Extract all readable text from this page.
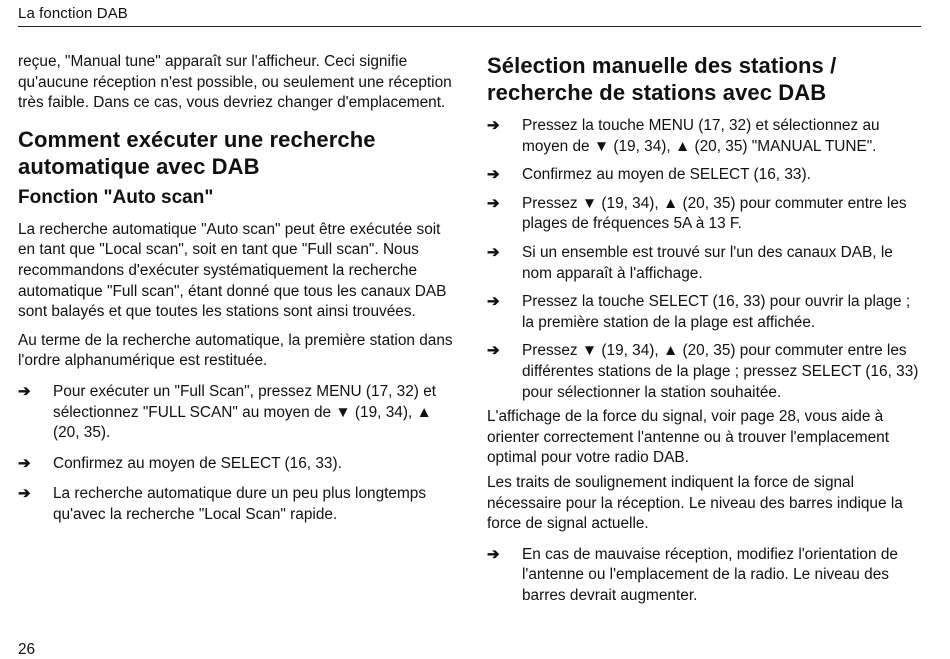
La fonction DAB

reçue, "Manual tune" apparaît sur l'afficheur. Ceci signifie qu'aucune réception n'est possible, ou seulement une réception très faible. Dans ce cas, vous devriez changer d'emplacement.

Comment exécuter une recherche automatique avec DAB
Fonction "Auto scan"

La recherche automatique "Auto scan" peut être exécutée soit en tant que "Local scan", soit en tant que "Full scan". Nous recommandons d'exécuter systématiquement la recherche automatique "Full scan", étant donné que tous les canaux DAB sont balayés et que toutes les stations sont ainsi trouvées.

Au terme de la recherche automatique, la première station dans l'ordre alphanumérique est restituée.

➔ Pour exécuter un "Full Scan", pressez MENU (17, 32) et sélectionnez "FULL SCAN" au moyen de ▼ (19, 34), ▲ (20, 35).
➔ Confirmez au moyen de SELECT (16, 33).
➔ La recherche automatique dure un peu plus longtemps qu'avec la recherche "Local Scan" rapide.
Sélection manuelle des stations / recherche de stations avec DAB
➔ Pressez la touche MENU (17, 32) et sélectionnez au moyen de ▼ (19, 34), ▲ (20, 35) "MANUAL TUNE".
➔ Confirmez au moyen de SELECT (16, 33).
➔ Pressez ▼ (19, 34), ▲ (20, 35) pour commuter entre les plages de fréquences 5A à 13 F.
➔ Si un ensemble est trouvé sur l'un des canaux DAB, le nom apparaît à l'affichage.
➔ Pressez la touche SELECT (16, 33) pour ouvrir la plage ; la première station de la plage est affichée.
➔ Pressez ▼ (19, 34), ▲ (20, 35) pour commuter entre les différentes stations de la plage ; pressez SELECT (16, 33) pour sélectionner la station souhaitée.

L'affichage de la force du signal, voir page 28, vous aide à orienter correctement l'antenne ou à trouver l'emplacement optimal pour votre radio DAB.

Les traits de soulignement indiquent la force de signal nécessaire pour la réception. Le niveau des barres indique la force de signal actuelle.

➔ En cas de mauvaise réception, modifiez l'orientation de l'antenne ou l'emplacement de la radio. Le niveau des barres devrait augmenter.
26
